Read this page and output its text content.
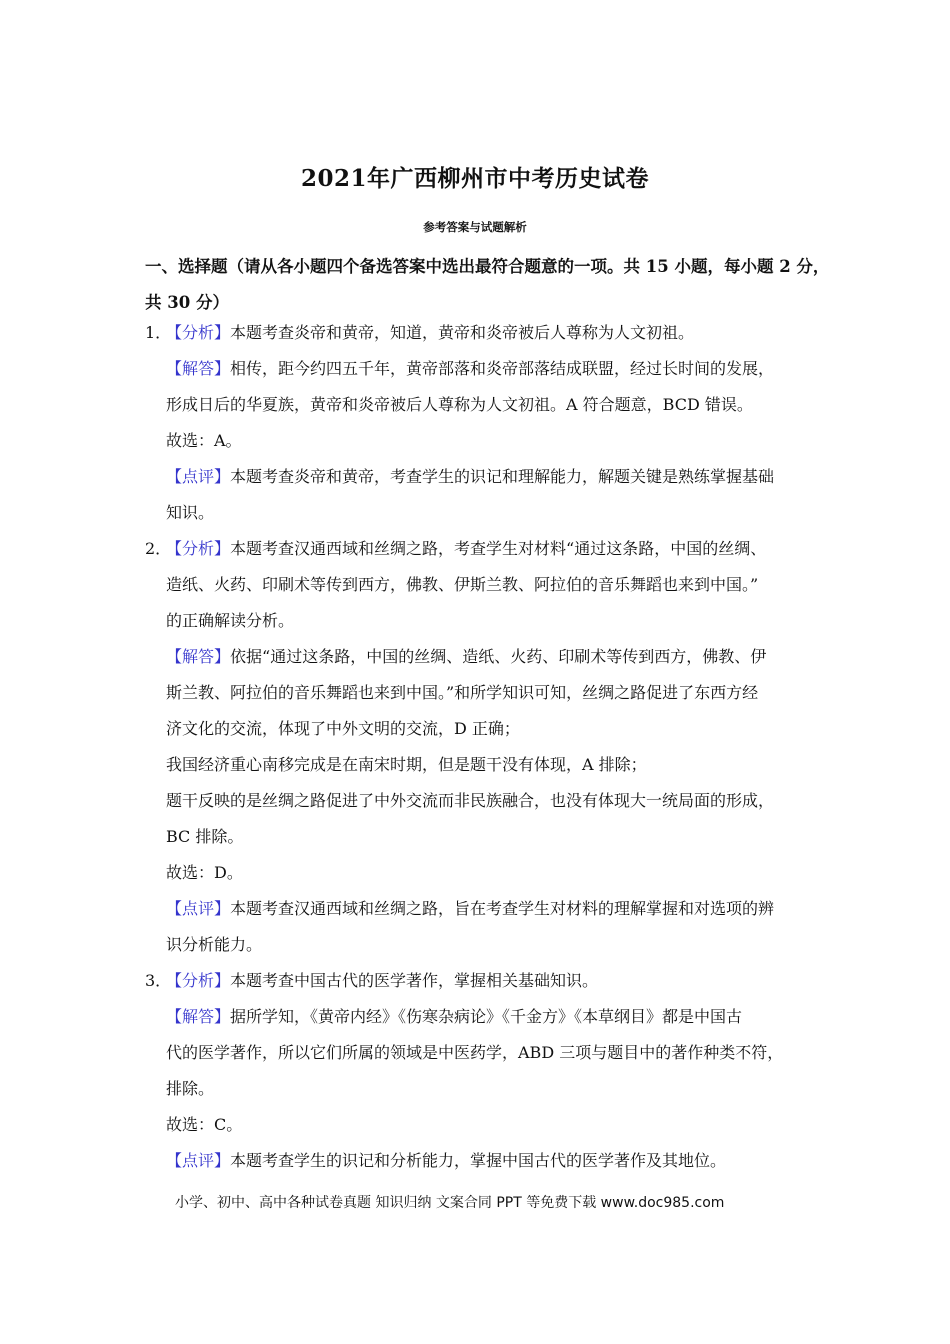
2021年广西柳州市中考历史试卷
参考答案与试题解析
一、选择题（请从各小题四个备选答案中选出最符合题意的一项。共 15 小题，每小题 2 分，
共 30 分）
1．
【分析】本题考查炎帝和黄帝，知道，黄帝和炎帝被后人尊称为人文初祖。
【解答】相传，距今约四五千年，黄帝部落和炎帝部落结成联盟，经过长时间的发展，
形成日后的华夏族，黄帝和炎帝被后人尊称为人文初祖。A 符合题意，BCD 错误。
故选：A。
【点评】本题考查炎帝和黄帝，考查学生的识记和理解能力，解题关键是熟练掌握基础
知识。
2．
【分析】本题考查汉通西域和丝绸之路，考查学生对材料“通过这条路，中国的丝绸、
造纸、火药、印刷术等传到西方，佛教、伊斯兰教、阿拉伯的音乐舞蹈也来到中国。”
的正确解读分析。
【解答】依据“通过这条路，中国的丝绸、造纸、火药、印刷术等传到西方，佛教、伊
斯兰教、阿拉伯的音乐舞蹈也来到中国。”和所学知识可知，丝绸之路促进了东西方经
济文化的交流，体现了中外文明的交流，D 正确；
我国经济重心南移完成是在南宋时期，但是题干没有体现，A 排除；
题干反映的是丝绸之路促进了中外交流而非民族融合，也没有体现大一统局面的形成，
BC 排除。
故选：D。
【点评】本题考查汉通西域和丝绸之路，旨在考查学生对材料的理解掌握和对选项的辨
识分析能力。
3．
【分析】本题考查中国古代的医学著作，掌握相关基础知识。
【解答】据所学知，《黄帝内经》《伤寒杂病论》《千金方》《本草纲目》都是中国古
代的医学著作，所以它们所属的领域是中医药学，ABD 三项与题目中的著作种类不符，
排除。
故选：C。
【点评】本题考查学生的识记和分析能力，掌握中国古代的医学著作及其地位。
小学、初中、高中各种试卷真题 知识归纳 文案合同 PPT 等免费下载 www.doc985.com
